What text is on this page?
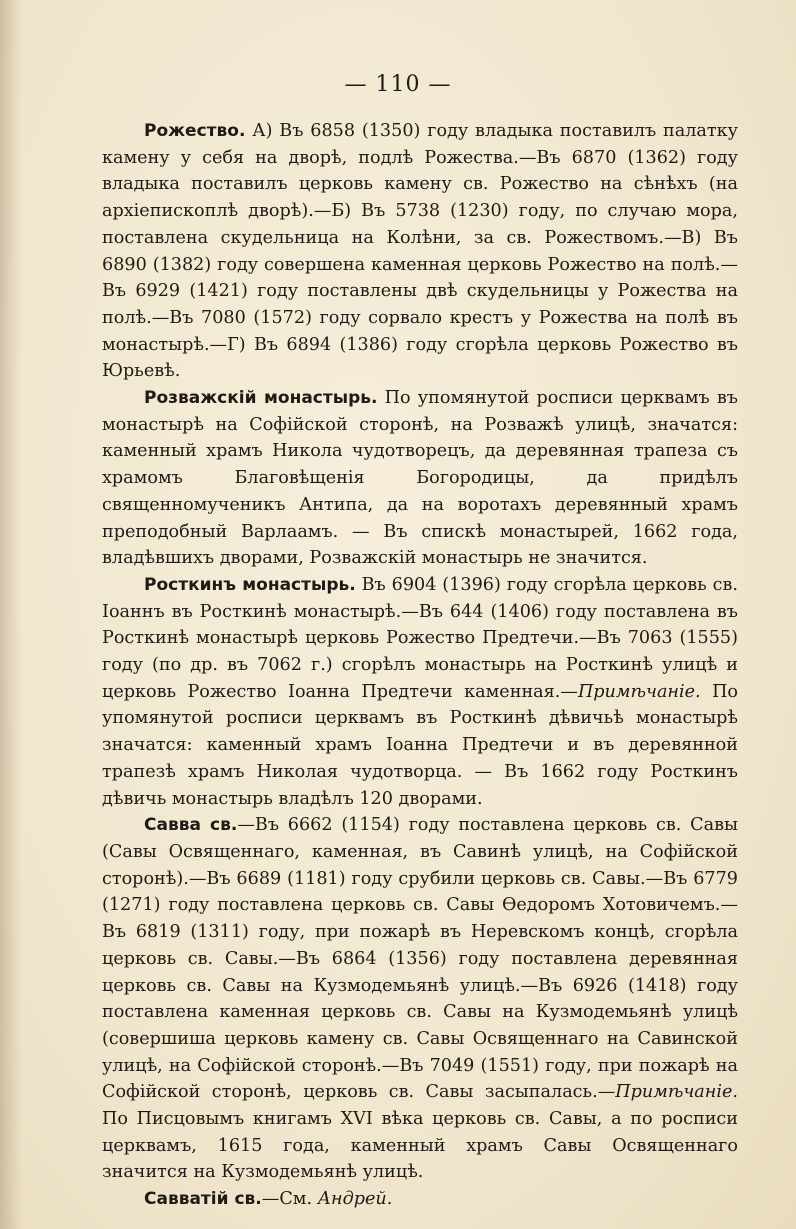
— 110 —

Рожество. А) Въ 6858 (1350) году владыка поставилъ палатку камену у себя на дворѣ, подлѣ Рожества.—Въ 6870 (1362) году владыка поставилъ церковь камену св. Рожество на сѣнѣхъ (на архіепископлѣ дворѣ).—Б) Въ 5738 (1230) году, по случаю мора, поставлена скудельница на Колѣни, за св. Рожествомъ.—В) Въ 6890 (1382) году совершена каменная церковь Рожество на полѣ.—Въ 6929 (1421) году поставлены двѣ скудельницы у Рожества на полѣ.—Въ 7080 (1572) году сорвало крестъ у Рожества на полѣ въ монастырѣ.—Г) Въ 6894 (1386) году сгорѣла церковь Рожество въ Юрьевѣ.

Розважскій монастырь. По упомянутой росписи церквамъ въ монастырѣ на Софійской сторонѣ, на Розважѣ улицѣ, значатся: каменный храмъ Никола чудотворецъ, да деревянная трапеза съ храмомъ Благовѣщенія Богородицы, да придѣлъ священномученикъ Антипа, да на воротахъ деревянный храмъ преподобный Варлаамъ. — Въ спискѣ монастырей, 1662 года, владѣвшихъ дворами, Розважскій монастырь не значится.

Росткинъ монастырь. Въ 6904 (1396) году сгорѣла церковь св. Іоаннъ въ Росткинѣ монастырѣ.—Въ 644 (1406) году поставлена въ Росткинѣ монастырѣ церковь Рожество Предтечи.—Въ 7063 (1555) году (по др. въ 7062 г.) сгорѣлъ монастырь на Росткинѣ улицѣ и церковь Рожество Іоанна Предтечи каменная.—Примѣчаніе. По упомянутой росписи церквамъ въ Росткинѣ дѣвичьѣ монастырѣ значатся: каменный храмъ Іоанна Предтечи и въ деревянной трапезѣ храмъ Николая чудотворца. — Въ 1662 году Росткинъ дѣвичь монастырь владѣлъ 120 дворами.

Савва св.—Въ 6662 (1154) году поставлена церковь св. Савы (Савы Освященнаго, каменная, въ Савинѣ улицѣ, на Софійской сторонѣ).—Въ 6689 (1181) году срубили церковь св. Савы.—Въ 6779 (1271) году поставлена церковь св. Савы Ѳедоромъ Хотовичемъ.—Въ 6819 (1311) году, при пожарѣ въ Неревскомъ концѣ, сгорѣла церковь св. Савы.—Въ 6864 (1356) году поставлена деревянная церковь св. Савы на Кузмодемьянѣ улицѣ.—Въ 6926 (1418) году поставлена каменная церковь св. Савы на Кузмодемьянѣ улицѣ (совершиша церковь камену св. Савы Освященнаго на Савинской улицѣ, на Софійской сторонѣ.—Въ 7049 (1551) году, при пожарѣ на Софійской сторонѣ, церковь св. Савы засыпалась.—Примѣчаніе. По Писцовымъ книгамъ XVI вѣка церковь св. Савы, а по росписи церквамъ, 1615 года, каменный храмъ Савы Освященнаго значится на Кузмодемьянѣ улицѣ.

Савватій св.—См. Андрей.
